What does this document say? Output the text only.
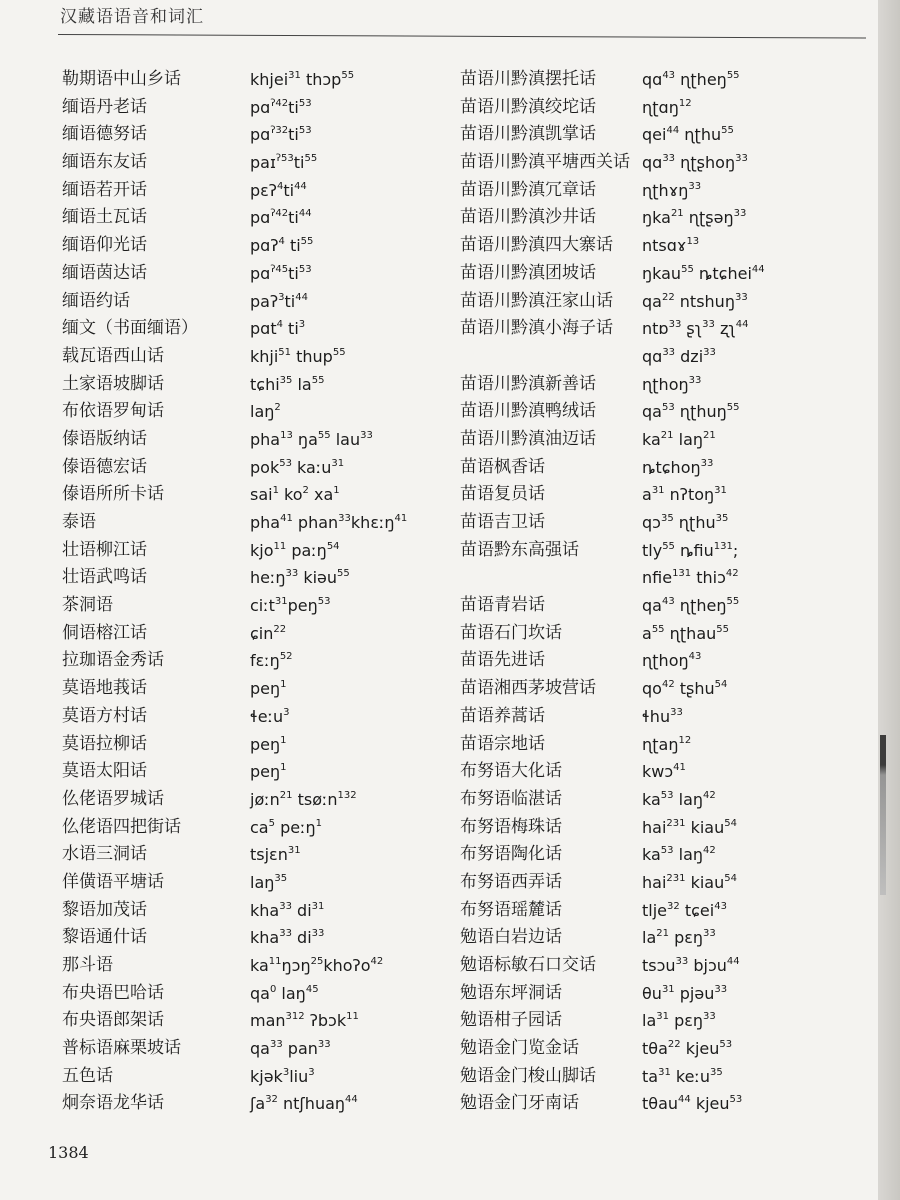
汉藏语语音和词汇
勒期语中山乡话	khjei$^{31}$ thɔp$^{55}$
缅语丹老话	$pɑ^{ʔ42}ti^{53}$
缅语德努话	$pɑ^{ʔ32}ti^{53}$
缅语东友话	$paɪ^{ʔ53}ti^{55}$
缅语若开话	$pɛʔ^4ti^{44}$
缅语土瓦话	$pɑ^{ʔ42}ti^{44}$
缅语仰光话	pɑʔ$^4$ $ti^{55}$
缅语茵达话	$pɑ^{ʔ45}ti^{53}$
缅语约话	$paʔ^3ti^{44}$
缅文（书面缅语）	pɑt$^4$ $ti^3$
载瓦语西山话	khji$^{51}$ thup$^{55}$
土家语坡脚话	tɕhi$^{35}$ $la^{55}$
布依语罗甸话	laŋ$^2$
傣语版纳话	pha$^{13}$ $ŋa^{55}$ lau$^{33}$
傣语德宏话	pok$^{53}$ kaːu$^{31}$
傣语所所卡话	sai$^1$ $ko^2$ $xa^1$
泰语	pha$^{41}$ phan$^{33}$khɛːŋ$^{41}$
壮语柳江话	kjo$^{11}$ paːŋ$^{54}$
壮语武鸣话	heːŋ$^{33}$ kiəu$^{55}$
茶洞语	ciːt$^{31}$peŋ$^{53}$
侗语榕江话	ɕin$^{22}$
拉珈语金秀话	fɛːŋ$^{52}$
莫语地莪话	peŋ$^1$
莫语方村话	ɬeːu$^3$
莫语拉柳话	peŋ$^1$
莫语太阳话	peŋ$^1$
仫佬语罗城话	jøːn$^{21}$ tsøːn$^{132}$
仫佬语四把街话	$ca^5$ peːŋ$^1$
水语三洞话	tsjɛn$^{31}$
佯僙语平塘话	laŋ$^{35}$
黎语加茂话	kha$^{33}$ $di^{31}$
黎语通什话	kha$^{33}$ $di^{33}$
那斗语	$ka^{11}ŋɔŋ^{25}khoʔo^{42}$
布央语巴哈话	$qa^0$ laŋ$^{45}$
布央语郎架话	man$^{312}$ ʔbɔk$^{11}$
普标语麻栗坡话	$qa^{33}$ pan$^{33}$
五色话	kjək$^3$liu$^3$
炯奈语龙华话	ʃa$^{32}$ ntʃhuaŋ$^{44}$
苗语川黔滇摆托话	qɑ$^{43}$ ɳʈheŋ$^{55}$
苗语川黔滇绞坨话	ɳʈɑŋ$^{12}$
苗语川黔滇凯掌话	qei$^{44}$ ɳʈhu$^{55}$
苗语川黔滇平塘西关话 qɑ$^{33}$ ɳʈʂhoŋ$^{33}$
苗语川黔滇冗章话	ɳʈhɤŋ$^{33}$
苗语川黔滇沙井话	ŋka$^{21}$ ɳʈʂəŋ$^{33}$
苗语川黔滇四大寨话 ntsɑɤ$^{13}$
苗语川黔滇团坡话	ŋkau$^{55}$ ȵtɕhei$^{44}$
苗语川黔滇汪家山话 $qa^{22}$ ntshuŋ$^{33}$
苗语川黔滇小海子话 ntɒ$^{33}$ ʂʅ$^{33}$ ʐʅ$^{44}$
qɑ$^{33}$ dzi$^{33}$
苗语川黔滇新善话	ɳʈhoŋ$^{33}$
苗语川黔滇鸭绒话	$qa^{53}$ ɳʈhuŋ$^{55}$
苗语川黔滇油迈话	$ka^{21}$ laŋ$^{21}$
苗语枫香话	ȵtɕhoŋ$^{33}$
苗语复员话	$a^{31}$ nʔtoŋ$^{31}$
苗语吉卫话	qɔ$^{35}$ ɳʈhu$^{35}$
苗语黔东高强话	tly$^{55}$ ȵfiu$^{131}$;
nfie$^{131}$ thiɔ$^{42}$
苗语青岩话	$qa^{43}$ ɳʈheŋ$^{55}$
苗语石门坎话	$a^{55}$ ɳʈhau$^{55}$
苗语先进话	ɳʈhoŋ$^{43}$
苗语湘西茅坡营话	$qo^{42}$ tʂhu$^{54}$
苗语养蒿话	ɬhu$^{33}$
苗语宗地话	ɳʈaŋ$^{12}$
布努语大化话	kwɔ$^{41}$
布努语临湛话	$ka^{53}$ laŋ$^{42}$
布努语梅珠话	hai$^{231}$ kiau$^{54}$
布努语陶化话	$ka^{53}$ laŋ$^{42}$
布努语西弄话	hai$^{231}$ kiau$^{54}$
布努语瑶麓话	tlje$^{32}$ tɕei$^{43}$
勉语白岩边话	$la^{21}$ pɛŋ$^{33}$
勉语标敏石口交话	tsɔu$^{33}$ bjɔu$^{44}$
勉语东坪洞话	$\theta u^{31}$ pjəu$^{33}$
勉语柑子园话	$la^{31}$ pɛŋ$^{33}$
勉语金门览金话	tθa$^{22}$ kjeu$^{53}$
勉语金门梭山脚话	$ta^{31}$ keːu$^{35}$
勉语金门牙南话	tθau$^{44}$ kjeu$^{53}$
1384
